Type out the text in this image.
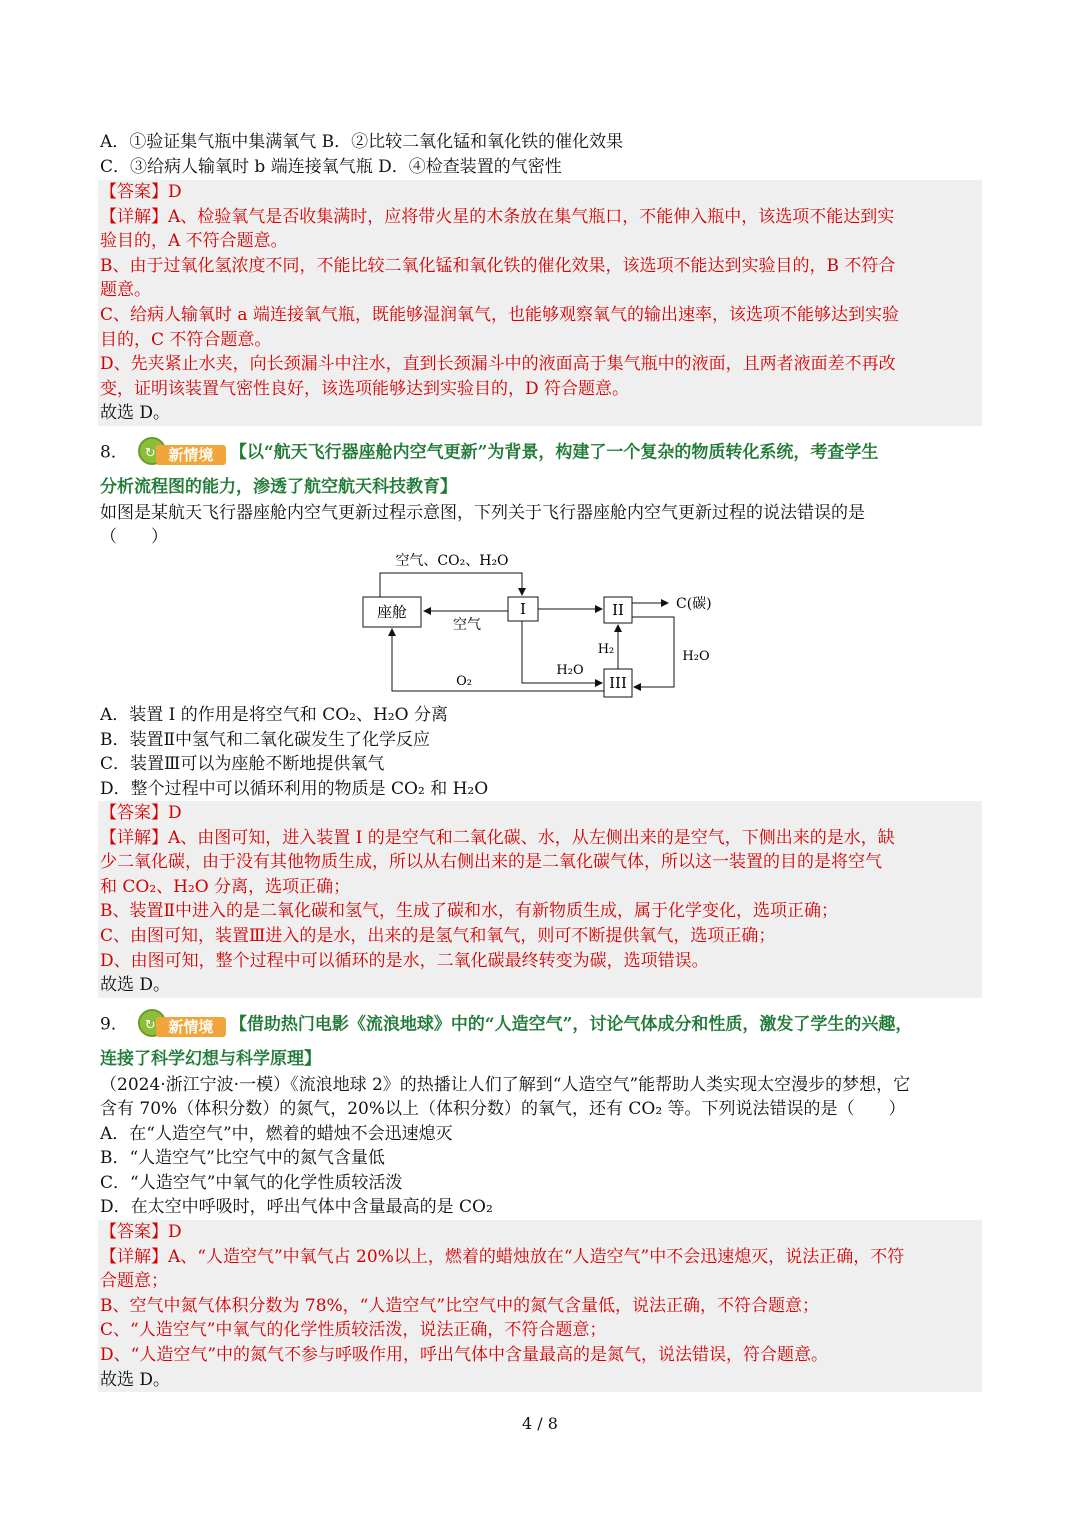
A．①验证集气瓶中集满氧气 B．②比较二氧化锰和氧化铁的催化效果
C．③给病人输氧时 b 端连接氧气瓶 D．④检查装置的气密性
【答案】D
【详解】A、检验氧气是否收集满时，应将带火星的木条放在集气瓶口，不能伸入瓶中，该选项不能达到实
验目的，A 不符合题意。
B、由于过氧化氢浓度不同，不能比较二氧化锰和氧化铁的催化效果，该选项不能达到实验目的，B 不符合
题意。
C、给病人输氧时 a 端连接氧气瓶，既能够湿润氧气，也能够观察氧气的输出速率，该选项不能够达到实验
目的，C 不符合题意。
D、先夹紧止水夹，向长颈漏斗中注水，直到长颈漏斗中的液面高于集气瓶中的液面，且两者液面差不再改
变，证明该装置气密性良好，该选项能够达到实验目的，D 符合题意。
故选 D。
8． ↻ 新情境 【以“航天飞行器座舱内空气更新”为背景，构建了一个复杂的物质转化系统，考查学生
分析流程图的能力，渗透了航空航天科技教育】
如图是某航天飞行器座舱内空气更新过程示意图，下列关于飞行器座舱内空气更新过程的说法错误的是
（　　）
座舱	I	II
III
空气、CO₂、H₂O
空气
C(碳)
H₂
H₂O
H₂O
O₂
A．装置 I 的作用是将空气和 CO₂、H₂O 分离
B．装置Ⅱ中氢气和二氧化碳发生了化学反应
C．装置Ⅲ可以为座舱不断地提供氧气
D．整个过程中可以循环利用的物质是 CO₂ 和 H₂O
【答案】D
【详解】A、由图可知，进入装置 I 的是空气和二氧化碳、水，从左侧出来的是空气，下侧出来的是水，缺
少二氧化碳，由于没有其他物质生成，所以从右侧出来的是二氧化碳气体，所以这一装置的目的是将空气
和 CO₂、H₂O 分离，选项正确；
B、装置Ⅱ中进入的是二氧化碳和氢气，生成了碳和水，有新物质生成，属于化学变化，选项正确；
C、由图可知，装置Ⅲ进入的是水，出来的是氢气和氧气，则可不断提供氧气，选项正确；
D、由图可知，整个过程中可以循环的是水，二氧化碳最终转变为碳，选项错误。
故选 D。
9． ↻ 新情境 【借助热门电影《流浪地球》中的“人造空气”，讨论气体成分和性质，激发了学生的兴趣，
连接了科学幻想与科学原理】
（2024·浙江宁波·一模）《流浪地球 2》的热播让人们了解到“人造空气”能帮助人类实现太空漫步的梦想，它
含有 70%（体积分数）的氮气，20%以上（体积分数）的氧气，还有 CO₂ 等。下列说法错误的是（　　）
A．在“人造空气”中，燃着的蜡烛不会迅速熄灭
B．“人造空气”比空气中的氮气含量低
C．“人造空气”中氧气的化学性质较活泼
D．在太空中呼吸时，呼出气体中含量最高的是 CO₂
【答案】D
【详解】A、“人造空气”中氧气占 20%以上，燃着的蜡烛放在“人造空气”中不会迅速熄灭，说法正确，不符
合题意；
B、空气中氮气体积分数为 78%，“人造空气”比空气中的氮气含量低，说法正确，不符合题意；
C、“人造空气”中氧气的化学性质较活泼，说法正确，不符合题意；
D、“人造空气”中的氮气不参与呼吸作用，呼出气体中含量最高的是氮气，说法错误，符合题意。
故选 D。
4 / 8
